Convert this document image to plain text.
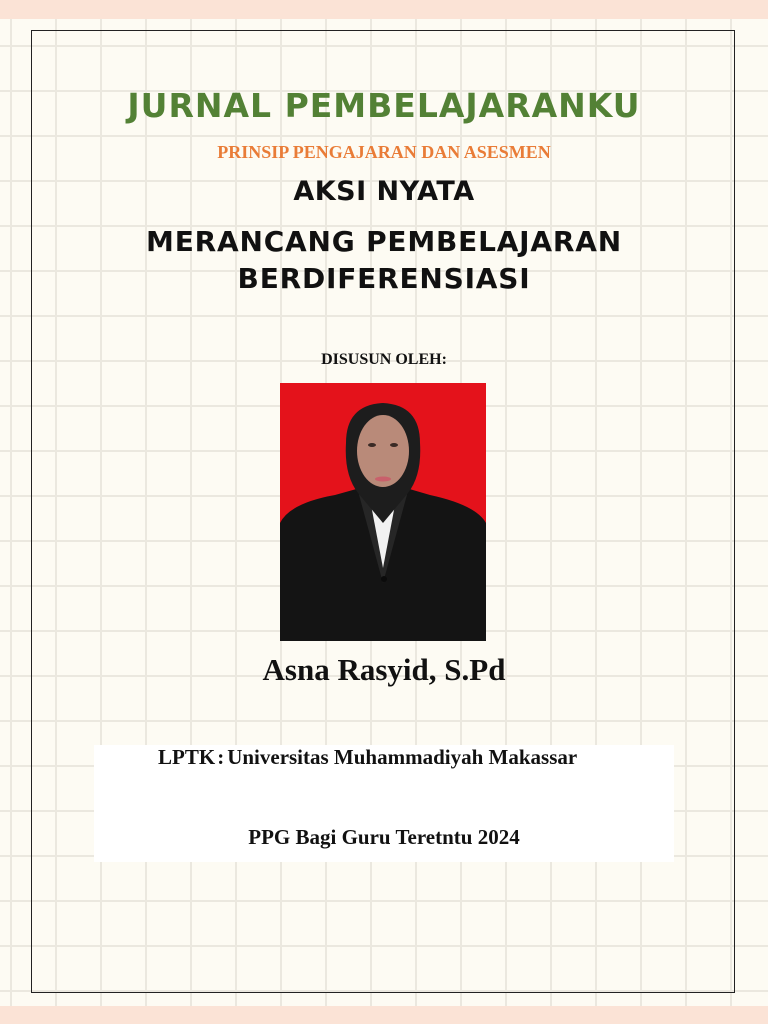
JURNAL PEMBELAJARANKU
PRINSIP PENGAJARAN DAN ASESMEN
AKSI NYATA
MERANCANG PEMBELAJARAN
BERDIFERENSIASI
DISUSUN OLEH:
Asna Rasyid, S.Pd
LPTK: Universitas Muhammadiyah Makassar
PPG Bagi Guru Teretntu 2024
